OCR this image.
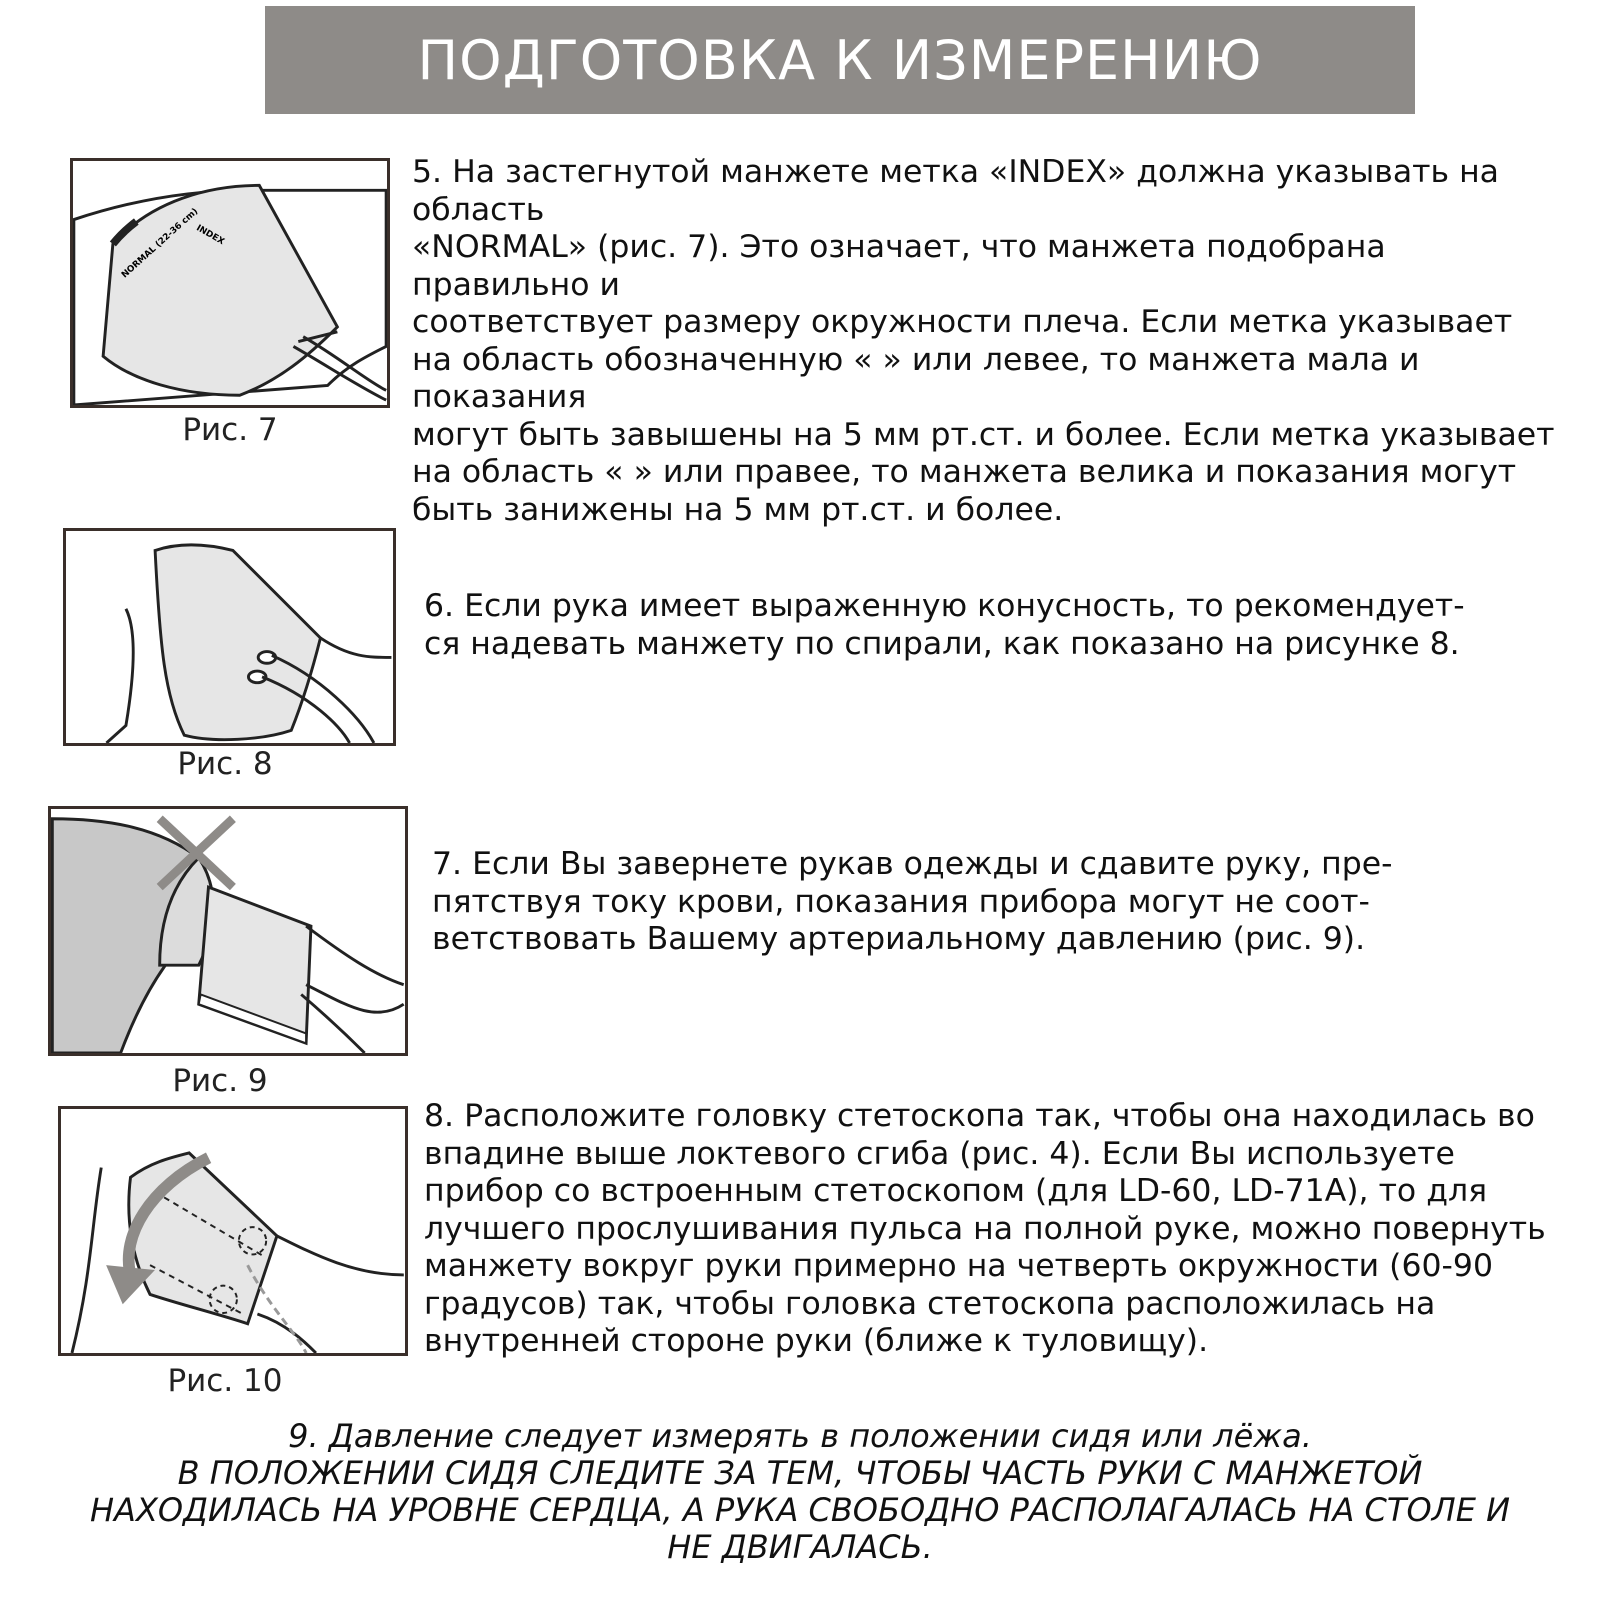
ПОДГОТОВКА К ИЗМЕРЕНИЮ
NORMAL (22-36 cm)
INDEX
Рис. 7
5. На застегнутой манжете метка «INDEX» должна указывать на
область
«NORMAL» (рис. 7). Это означает, что манжета подобрана
правильно и
соответствует размеру окружности плеча. Если метка указывает
на область обозначенную « » или левее, то манжета мала и
показания
могут быть завышены на 5 мм рт.ст. и более. Если метка указывает
на область « » или правее, то манжета велика и показания могут
быть занижены на 5 мм рт.ст. и более.
Рис. 8
6. Если рука имеет выраженную конусность, то рекомендует-
ся надевать манжету по спирали, как показано на рисунке 8.
Рис. 9
7. Если Вы завернете рукав одежды и сдавите руку, пре-
пятствуя току крови, показания прибора могут не соот-
ветствовать Вашему артериальному давлению (рис. 9).
Рис. 10
8. Расположите головку стетоскопа так, чтобы она находилась во
впадине выше локтевого сгиба (рис. 4). Если Вы используете
прибор со встроенным стетоскопом (для LD-60, LD-71A), то для
лучшего прослушивания пульса на полной руке, можно повернуть
манжету вокруг руки примерно на четверть окружности (60-90
градусов) так, чтобы головка стетоскопа расположилась на
внутренней стороне руки (ближе к туловищу).
9. Давление следует измерять в положении сидя или лёжа.
В ПОЛОЖЕНИИ СИДЯ СЛЕДИТЕ ЗА ТЕМ, ЧТОБЫ ЧАСТЬ РУКИ С МАНЖЕТОЙ
НАХОДИЛАСЬ НА УРОВНЕ СЕРДЦА, А РУКА СВОБОДНО РАСПОЛАГАЛАСЬ НА СТОЛЕ И
НЕ ДВИГАЛАСЬ.
